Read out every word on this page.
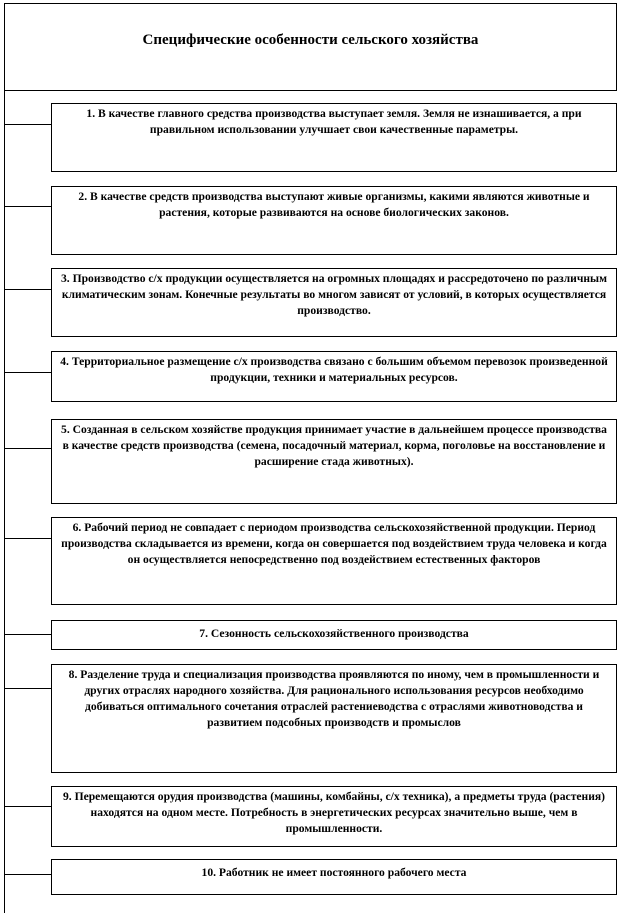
Специфические особенности сельского хозяйства
1. В качестве главного средства производства выступает земля. Земля не изнашивается, а при правильном использовании улучшает свои качественные параметры.
2. В качестве средств производства выступают живые организмы, какими являются животные и растения, которые развиваются на основе биологических законов.
3. Производство с/х продукции осуществляется на огромных площадях и рассредоточено по различным климатическим зонам. Конечные результаты во многом зависят от условий, в которых осуществляется производство.
4. Территориальное размещение с/х производства связано с большим объемом перевозок произведенной продукции, техники и материальных ресурсов.
5. Созданная в сельском хозяйстве продукция принимает участие в дальнейшем процессе производства в качестве средств производства (семена, посадочный материал, корма, поголовье на восстановление и расширение стада животных).
6. Рабочий период не совпадает с периодом производства сельскохозяйственной продукции. Период производства складывается из времени, когда он совершается под воздействием труда человека и когда он осуществляется непосредственно под воздействием естественных факторов
7. Сезонность сельскохозяйственного производства
8. Разделение труда и специализация производства проявляются по иному, чем в промышленности и других отраслях народного хозяйства. Для рационального использования ресурсов необходимо добиваться оптимального сочетания отраслей растениеводства с отраслями животноводства и развитием подсобных производств и промыслов
9. Перемещаются орудия производства (машины, комбайны, с/х техника), а предметы труда (растения) находятся на одном месте. Потребность в энергетических ресурсах значительно выше, чем в промышленности.
10. Работник не имеет постоянного рабочего места
